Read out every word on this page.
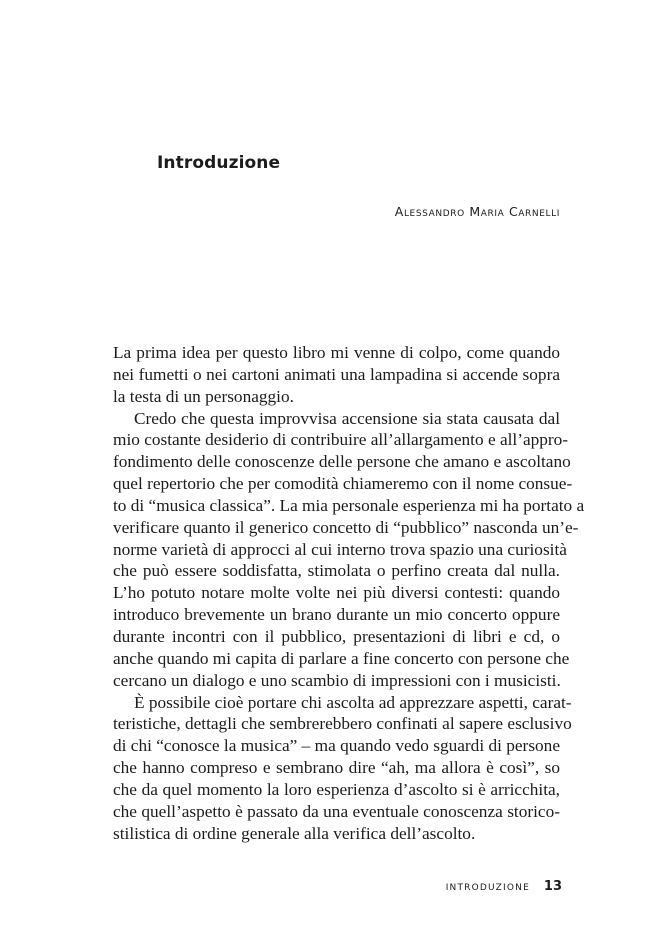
Introduzione
Alessandro Maria Carnelli
La prima idea per questo libro mi venne di colpo, come quando
nei fumetti o nei cartoni animati una lampadina si accende sopra
la testa di un personaggio.
Credo che questa improvvisa accensione sia stata causata dal
mio costante desiderio di contribuire all’allargamento e all’appro-
fondimento delle conoscenze delle persone che amano e ascoltano
quel repertorio che per comodità chiameremo con il nome consue-
to di “musica classica”. La mia personale esperienza mi ha portato a
verificare quanto il generico concetto di “pubblico” nasconda un’e-
norme varietà di approcci al cui interno trova spazio una curiosità
che può essere soddisfatta, stimolata o perfino creata dal nulla.
L’ho potuto notare molte volte nei più diversi contesti: quando
introduco brevemente un brano durante un mio concerto oppure
durante incontri con il pubblico, presentazioni di libri e cd, o
anche quando mi capita di parlare a fine concerto con persone che
cercano un dialogo e uno scambio di impressioni con i musicisti.
È possibile cioè portare chi ascolta ad apprezzare aspetti, carat-
teristiche, dettagli che sembrerebbero confinati al sapere esclusivo
di chi “conosce la musica” – ma quando vedo sguardi di persone
che hanno compreso e sembrano dire “ah, ma allora è così”, so
che da quel momento la loro esperienza d’ascolto si è arricchita,
che quell’aspetto è passato da una eventuale conoscenza storico-
stilistica di ordine generale alla verifica dell’ascolto.
INTRODUZIONE 13
